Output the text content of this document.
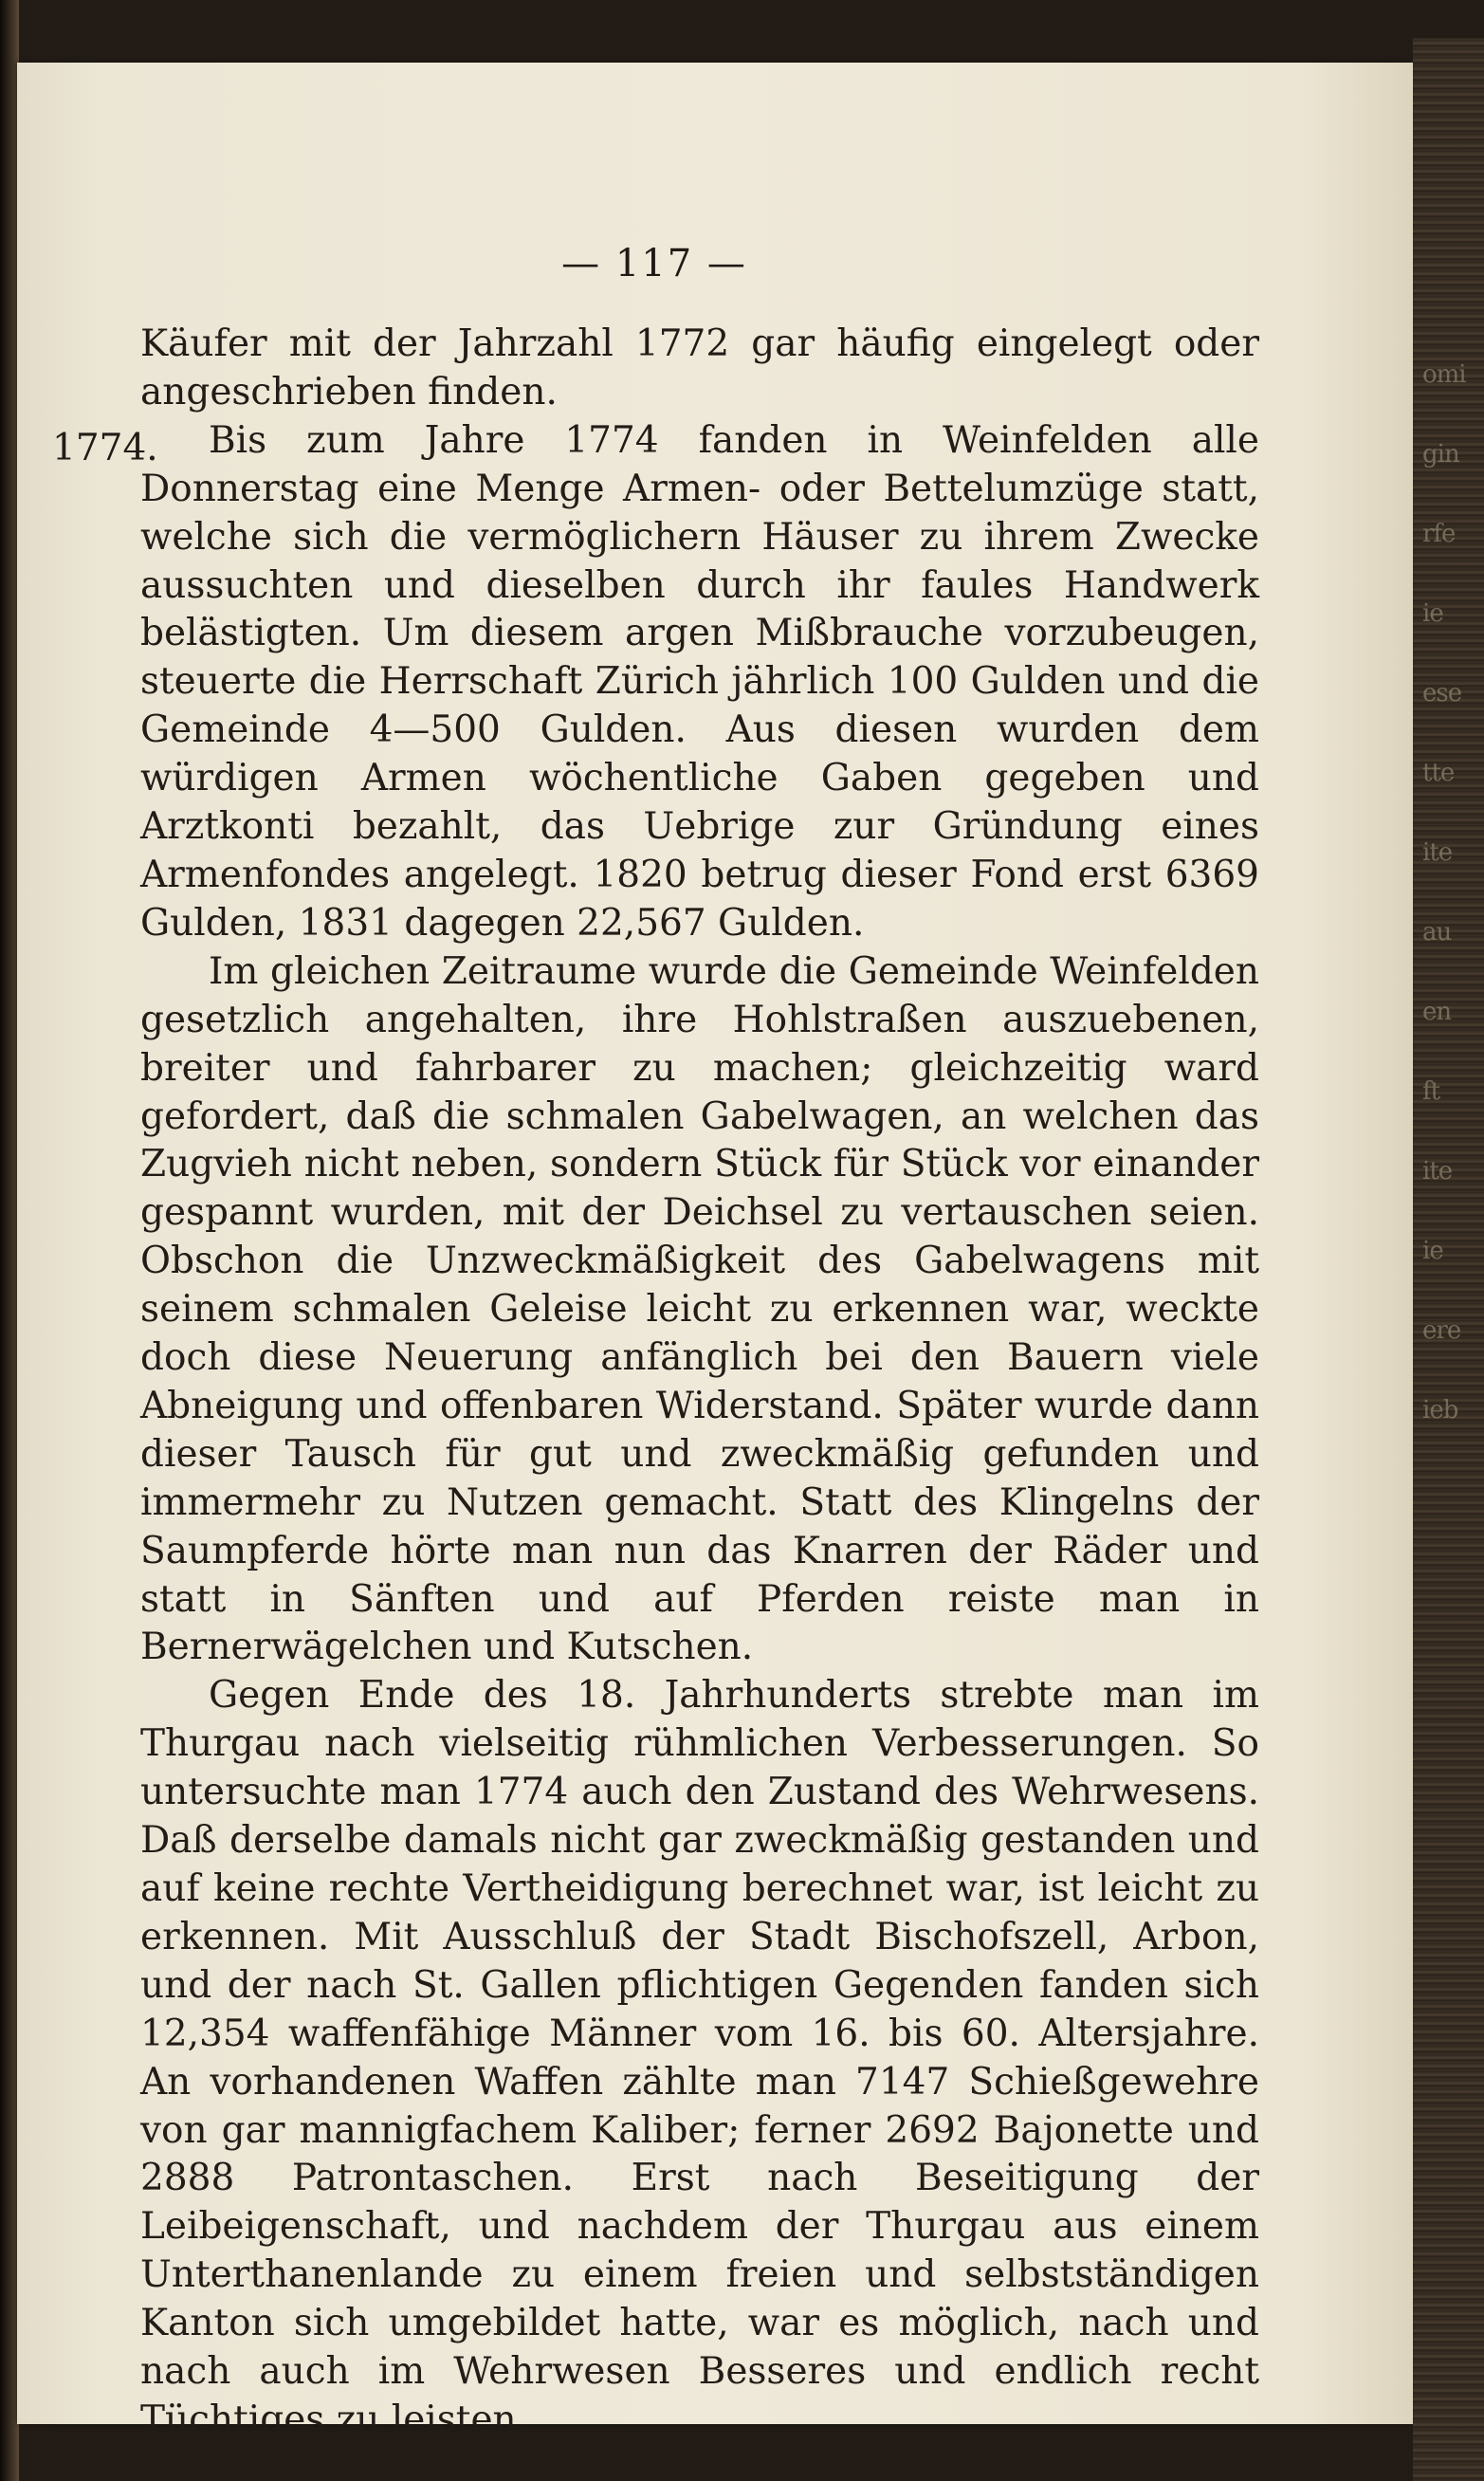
omi
gin
rfe
ie
ese
tte
ite
au
en
ft
ite
ie
ere
ieb
— 117 —
1774.

Käufer mit der Jahrzahl 1772 gar häufig eingelegt oder angeschrieben finden.

Bis zum Jahre 1774 fanden in Weinfelden alle Donnerstag eine Menge Armen- oder Bettelumzüge statt, welche sich die vermöglichern Häuser zu ihrem Zwecke aussuchten und dieselben durch ihr faules Handwerk belästigten. Um diesem argen Mißbrauche vorzubeugen, steuerte die Herrschaft Zürich jährlich 100 Gulden und die Gemeinde 4—500 Gulden. Aus diesen wurden dem würdigen Armen wöchentliche Gaben gegeben und Arztkonti bezahlt, das Uebrige zur Gründung eines Armenfondes angelegt. 1820 betrug dieser Fond erst 6369 Gulden, 1831 dagegen 22,567 Gulden.

Im gleichen Zeitraume wurde die Gemeinde Weinfelden gesetzlich angehalten, ihre Hohlstraßen auszuebenen, breiter und fahrbarer zu machen; gleichzeitig ward gefordert, daß die schmalen Gabelwagen, an welchen das Zugvieh nicht neben, sondern Stück für Stück vor einander gespannt wurden, mit der Deichsel zu vertauschen seien. Obschon die Unzweckmäßigkeit des Gabelwagens mit seinem schmalen Geleise leicht zu erkennen war, weckte doch diese Neuerung anfänglich bei den Bauern viele Abneigung und offenbaren Widerstand. Später wurde dann dieser Tausch für gut und zweckmäßig gefunden und immermehr zu Nutzen gemacht. Statt des Klingelns der Saumpferde hörte man nun das Knarren der Räder und statt in Sänften und auf Pferden reiste man in Bernerwägelchen und Kutschen.

Gegen Ende des 18. Jahrhunderts strebte man im Thurgau nach vielseitig rühmlichen Verbesserungen. So untersuchte man 1774 auch den Zustand des Wehrwesens. Daß derselbe damals nicht gar zweckmäßig gestanden und auf keine rechte Vertheidigung berechnet war, ist leicht zu erkennen. Mit Ausschluß der Stadt Bischofszell, Arbon, und der nach St. Gallen pflichtigen Gegenden fanden sich 12,354 waffenfähige Männer vom 16. bis 60. Altersjahre. An vorhandenen Waffen zählte man 7147 Schießgewehre von gar mannigfachem Kaliber; ferner 2692 Bajonette und 2888 Patrontaschen. Erst nach Beseitigung der Leibeigenschaft, und nachdem der Thurgau aus einem Unterthanenlande zu einem freien und selbstständigen Kanton sich umgebildet hatte, war es möglich, nach und nach auch im Wehrwesen Besseres und endlich recht Tüchtiges zu leisten.
